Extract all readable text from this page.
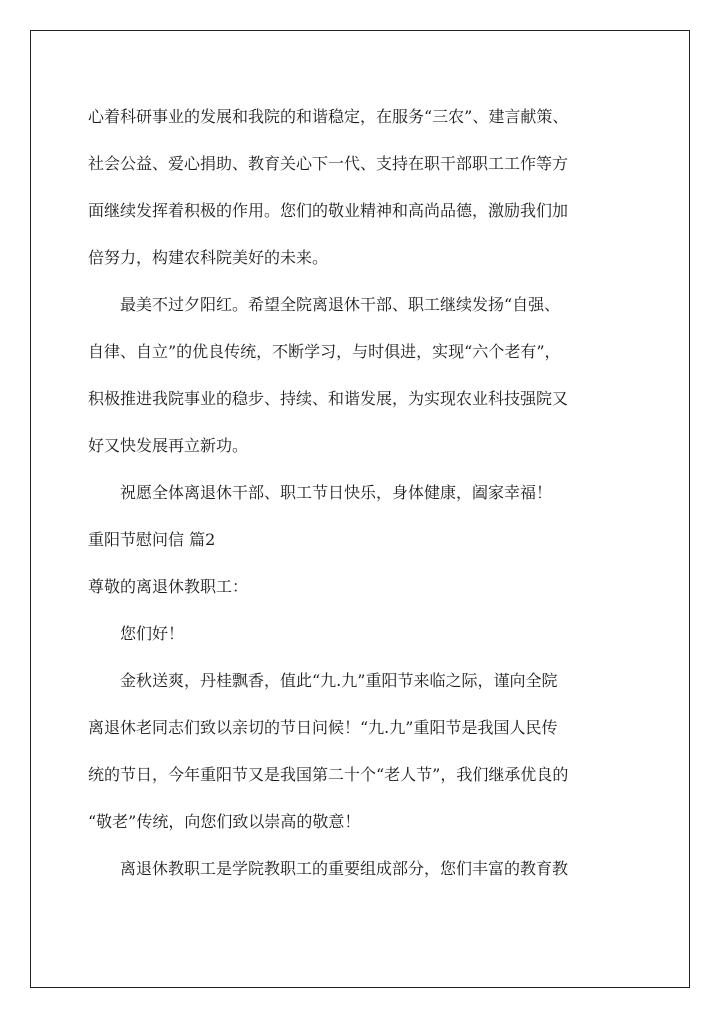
心着科研事业的发展和我院的和谐稳定，在服务“三农”、建言献策、

社会公益、爱心捐助、教育关心下一代、支持在职干部职工工作等方

面继续发挥着积极的作用。您们的敬业精神和高尚品德，激励我们加

倍努力，构建农科院美好的未来。

最美不过夕阳红。希望全院离退休干部、职工继续发扬“自强、

自律、自立”的优良传统，不断学习，与时俱进，实现“六个老有”，

积极推进我院事业的稳步、持续、和谐发展，为实现农业科技强院又

好又快发展再立新功。

祝愿全体离退休干部、职工节日快乐，身体健康，阖家幸福！

重阳节慰问信 篇2

尊敬的离退休教职工：

您们好！

金秋送爽，丹桂飘香，值此“九.九”重阳节来临之际，谨向全院

离退休老同志们致以亲切的节日问候！“九.九”重阳节是我国人民传

统的节日，今年重阳节又是我国第二十个“老人节”，我们继承优良的

“敬老”传统，向您们致以崇高的敬意！

离退休教职工是学院教职工的重要组成部分，您们丰富的教育教
